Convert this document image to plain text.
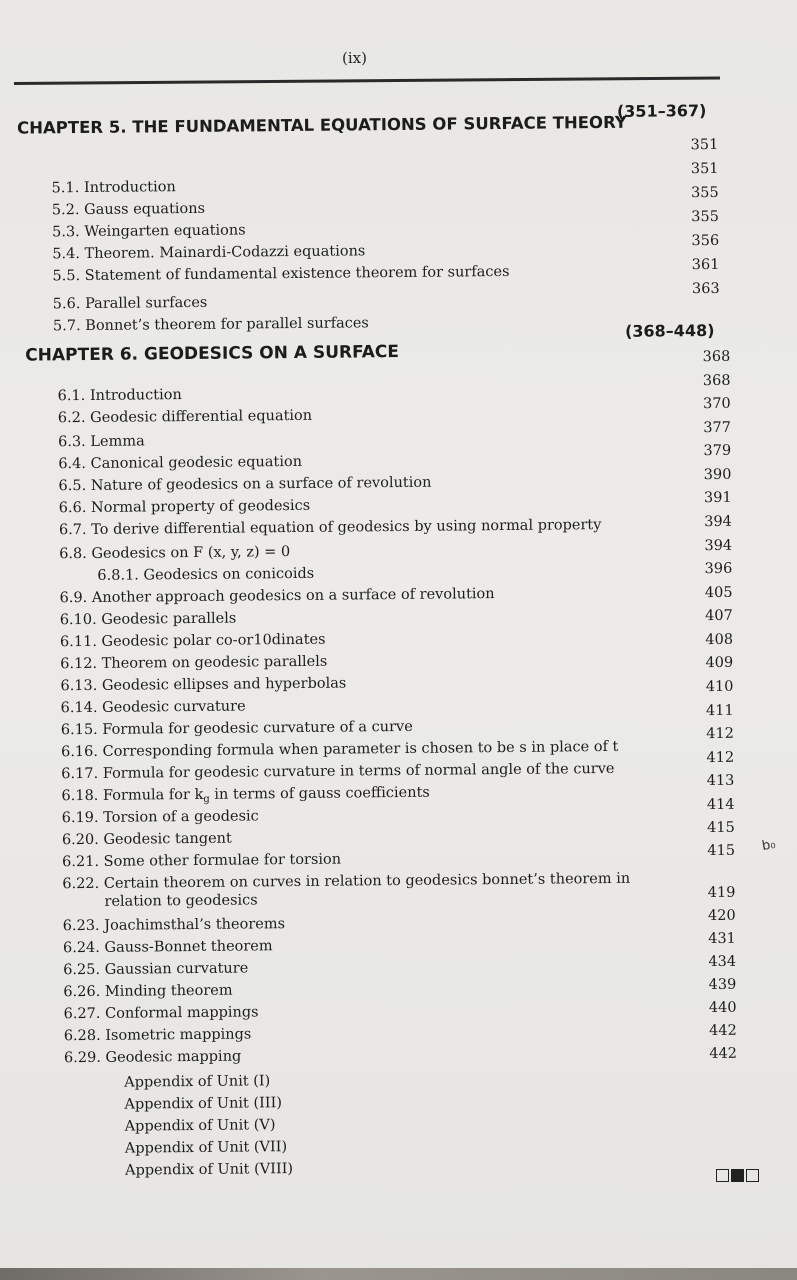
(ix)
CHAPTER 5. THE FUNDAMENTAL EQUATIONS OF SURFACE THEORY
(351–367)
5.1. Introduction
5.2. Gauss equations
5.3. Weingarten equations
5.4. Theorem. Mainardi-Codazzi equations
5.5. Statement of fundamental existence theorem for surfaces
5.6. Parallel surfaces
5.7. Bonnet’s theorem for parallel surfaces
351
351
355
355
356
361
363
CHAPTER 6. GEODESICS ON A SURFACE
(368–448)
6.1. Introduction
6.2. Geodesic differential equation
6.3. Lemma
6.4. Canonical geodesic equation
6.5. Nature of geodesics on a surface of revolution
6.6. Normal property of geodesics
6.7. To derive differential equation of geodesics by using normal property
6.8. Geodesics on F (x, y, z) = 0
6.8.1. Geodesics on conicoids
6.9. Another approach geodesics on a surface of revolution
6.10. Geodesic parallels
6.11. Geodesic polar co-or10dinates
6.12. Theorem on geodesic parallels
6.13. Geodesic ellipses and hyperbolas
6.14. Geodesic curvature
6.15. Formula for geodesic curvature of a curve
6.16. Corresponding formula when parameter is chosen to be s in place of t
6.17. Formula for geodesic curvature in terms of normal angle of the curve
6.18. Formula for $k_g$ in terms of gauss coefficients
6.19. Torsion of a geodesic
6.20. Geodesic tangent
6.21. Some other formulae for torsion
6.22. Certain theorem on curves in relation to geodesics bonnet’s theorem in
relation to geodesics
6.23. Joachimsthal’s theorems
6.24. Gauss-Bonnet theorem
6.25. Gaussian curvature
6.26. Minding theorem
6.27. Conformal mappings
6.28. Isometric mappings
6.29. Geodesic mapping
368
368
370
377
379
390
391
394
394
396
405
407
408
409
410
411
412
412
413
414
415
415
419
420
431
434
439
440
442
442
Appendix of Unit (I)
Appendix of Unit (III)
Appendix of Unit (V)
Appendix of Unit (VII)
Appendix of Unit (VIII)
b₀
